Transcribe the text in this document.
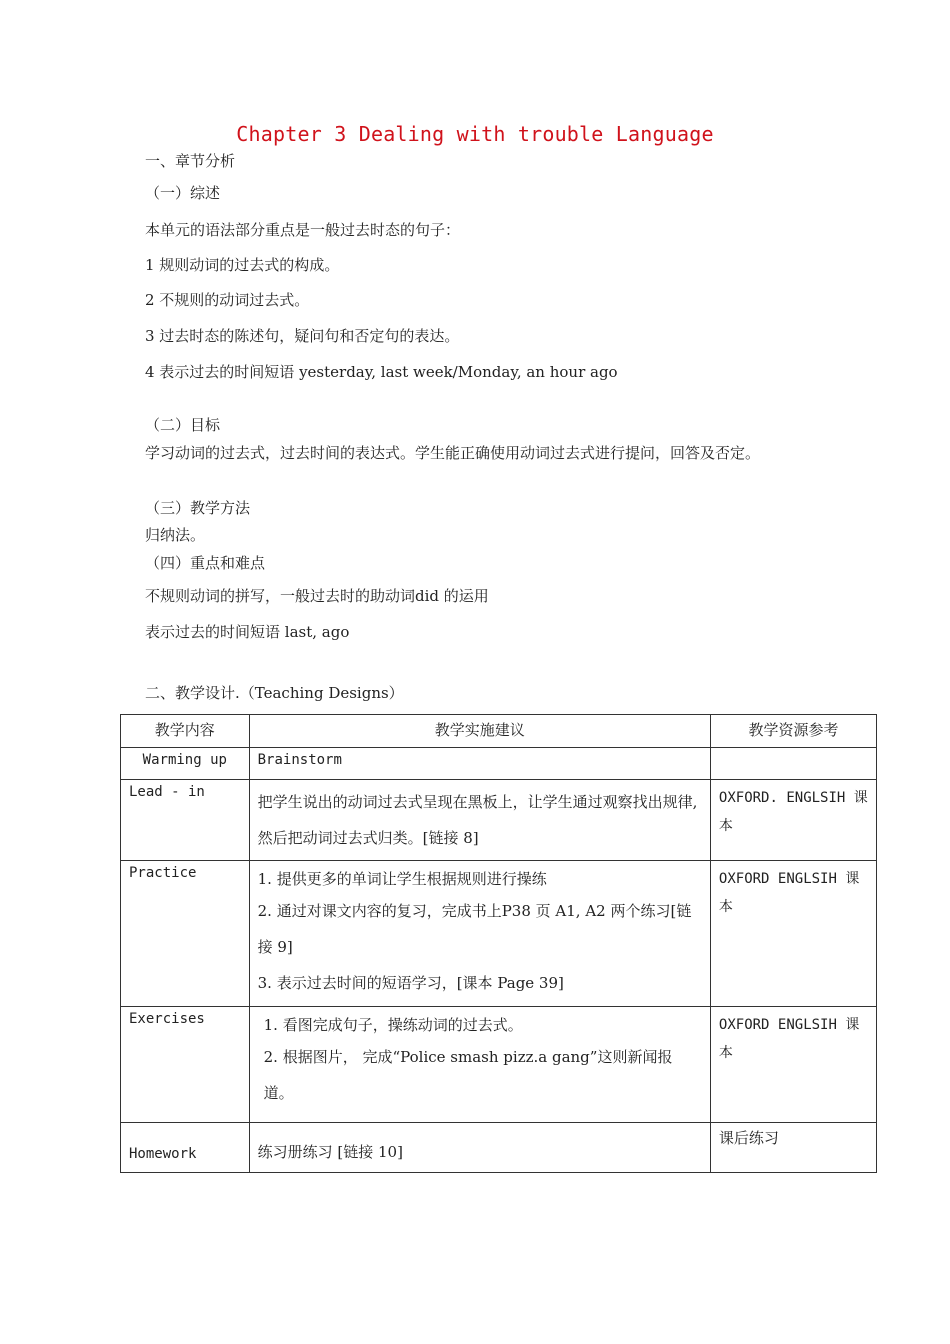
Chapter 3 Dealing with trouble Language
一、章节分析
（一）综述
本单元的语法部分重点是一般过去时态的句子：
1 规则动词的过去式的构成。
2 不规则的动词过去式。
3 过去时态的陈述句，疑问句和否定句的表达。
4 表示过去的时间短语 yesterday, last week/Monday, an hour ago
（二）目标
学习动词的过去式，过去时间的表达式。学生能正确使用动词过去式进行提问，回答及否定。
（三）教学方法
归纳法。
（四）重点和难点
不规则动词的拼写，一般过去时的助动词did 的运用
表示过去的时间短语 last, ago
二、教学设计.（Teaching Designs）
教学内容	教学实施建议	教学资源参考
Warming up	Brainstorm	
Lead - in	把学生说出的动词过去式呈现在黑板上，让学生通过观察找出规律,然后把动词过去式归类。[链接 8]	OXFORD. ENGLSIH 课本
Practice	1. 提供更多的单词让学生根据规则进行操练
2. 通过对课文内容的复习，完成书上P38 页 A1, A2 两个练习[链接 9]
3. 表示过去时间的短语学习，[课本 Page 39]	OXFORD ENGLSIH 课本
Exercises	1. 看图完成句子，操练动词的过去式。
2. 根据图片， 完成“Police smash pizz.a gang”这则新闻报道。	OXFORD ENGLSIH 课本
Homework	练习册练习 [链接 10]	课后练习
